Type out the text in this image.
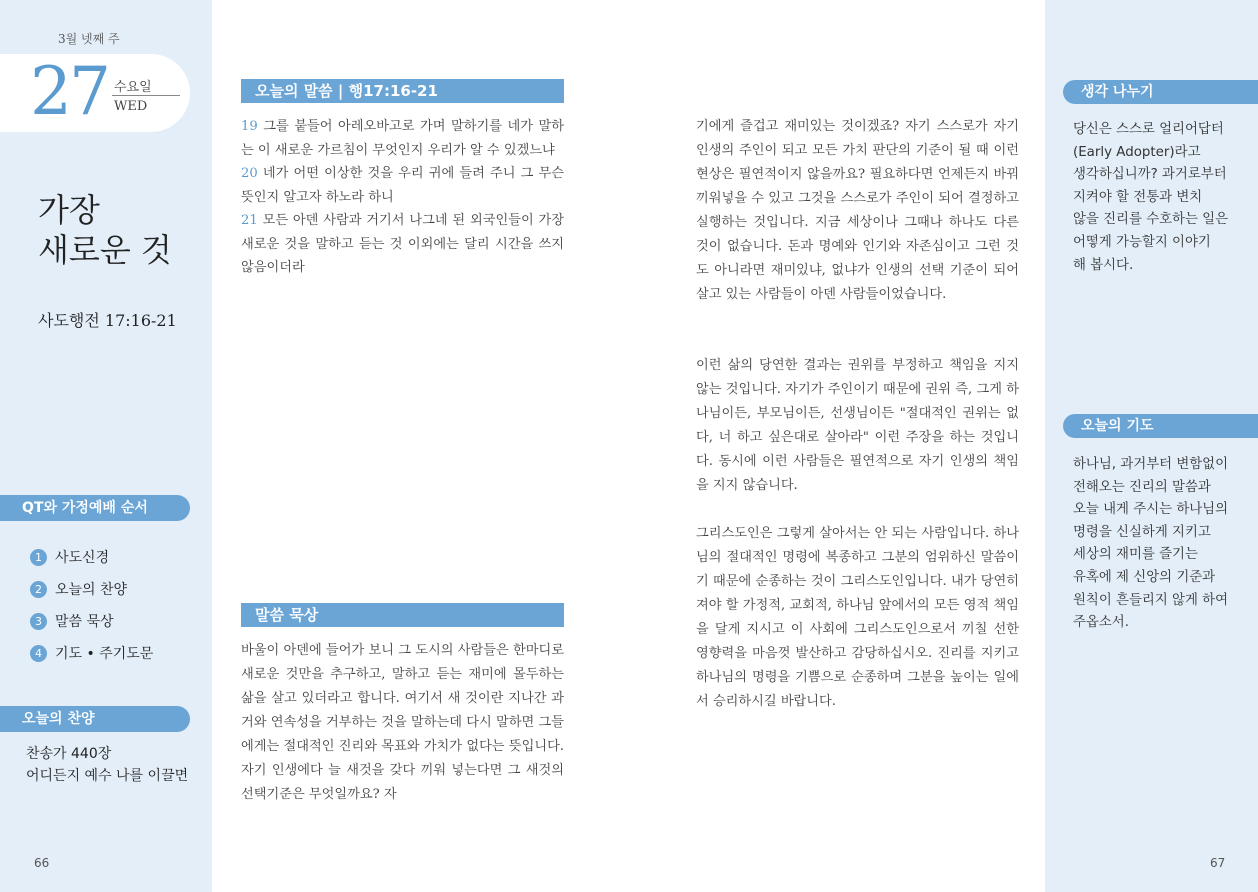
3월 넷째 주
27 수요일
WED
가장
새로운 것
사도행전 17:16-21
QT와 가정예배 순서
1 사도신경
2 오늘의 찬양
3 말씀 묵상
4 기도 • 주기도문
오늘의 찬양
찬송가 440장
어디든지 예수 나를 이끌면
66
오늘의 말씀 | 행17:16-21

19 그를 붙들어 아레오바고로 가며 말하기를 네가 말하는 이 새로운 가르침이 무엇인지 우리가 알 수 있겠느냐

20 네가 어떤 이상한 것을 우리 귀에 들려 주니 그 무슨 뜻인지 알고자 하노라 하니

21 모든 아덴 사람과 거기서 나그네 된 외국인들이 가장 새로운 것을 말하고 듣는 것 이외에는 달리 시간을 쓰지 않음이더라

말씀 묵상
바울이 아덴에 들어가 보니 그 도시의 사람들은 한마디로 새로운 것만을 추구하고, 말하고 듣는 재미에 몰두하는 삶을 살고 있더라고 합니다. 여기서 새 것이란 지나간 과거와 연속성을 거부하는 것을 말하는데 다시 말하면 그들에게는 절대적인 진리와 목표와 가치가 없다는 뜻입니다. 자기 인생에다 늘 새것을 갖다 끼워 넣는다면 그 새것의 선택기준은 무엇일까요? 자
기에게 즐겁고 재미있는 것이겠죠? 자기 스스로가 자기 인생의 주인이 되고 모든 가치 판단의 기준이 될 때 이런 현상은 필연적이지 않을까요? 필요하다면 언제든지 바꿔 끼워넣을 수 있고 그것을 스스로가 주인이 되어 결정하고 실행하는 것입니다. 지금 세상이나 그때나 하나도 다른 것이 없습니다. 돈과 명예와 인기와 자존심이고 그런 것도 아니라면 재미있냐, 없냐가 인생의 선택 기준이 되어 살고 있는 사람들이 아덴 사람들이었습니다.
이런 삶의 당연한 결과는 권위를 부정하고 책임을 지지 않는 것입니다. 자기가 주인이기 때문에 권위 즉, 그게 하나님이든, 부모님이든, 선생님이든 "절대적인 권위는 없다, 너 하고 싶은대로 살아라" 이런 주장을 하는 것입니다. 동시에 이런 사람들은 필연적으로 자기 인생의 책임을 지지 않습니다.
그리스도인은 그렇게 살아서는 안 되는 사람입니다. 하나님의 절대적인 명령에 복종하고 그분의 엄위하신 말씀이기 때문에 순종하는 것이 그리스도인입니다. 내가 당연히 져야 할 가정적, 교회적, 하나님 앞에서의 모든 영적 책임을 달게 지시고 이 사회에 그리스도인으로서 끼칠 선한 영향력을 마음껏 발산하고 감당하십시오. 진리를 지키고 하나님의 명령을 기쁨으로 순종하며 그분을 높이는 일에서 승리하시길 바랍니다.
생각 나누기
당신은 스스로 얼리어답터
(Early Adopter)라고
생각하십니까? 과거로부터
지켜야 할 전통과 변치
않을 진리를 수호하는 일은
어떻게 가능할지 이야기
해 봅시다.
오늘의 기도
하나님, 과거부터 변함없이
전해오는 진리의 말씀과
오늘 내게 주시는 하나님의
명령을 신실하게 지키고
세상의 재미를 즐기는
유혹에 제 신앙의 기준과
원칙이 흔들리지 않게 하여
주옵소서.
67
